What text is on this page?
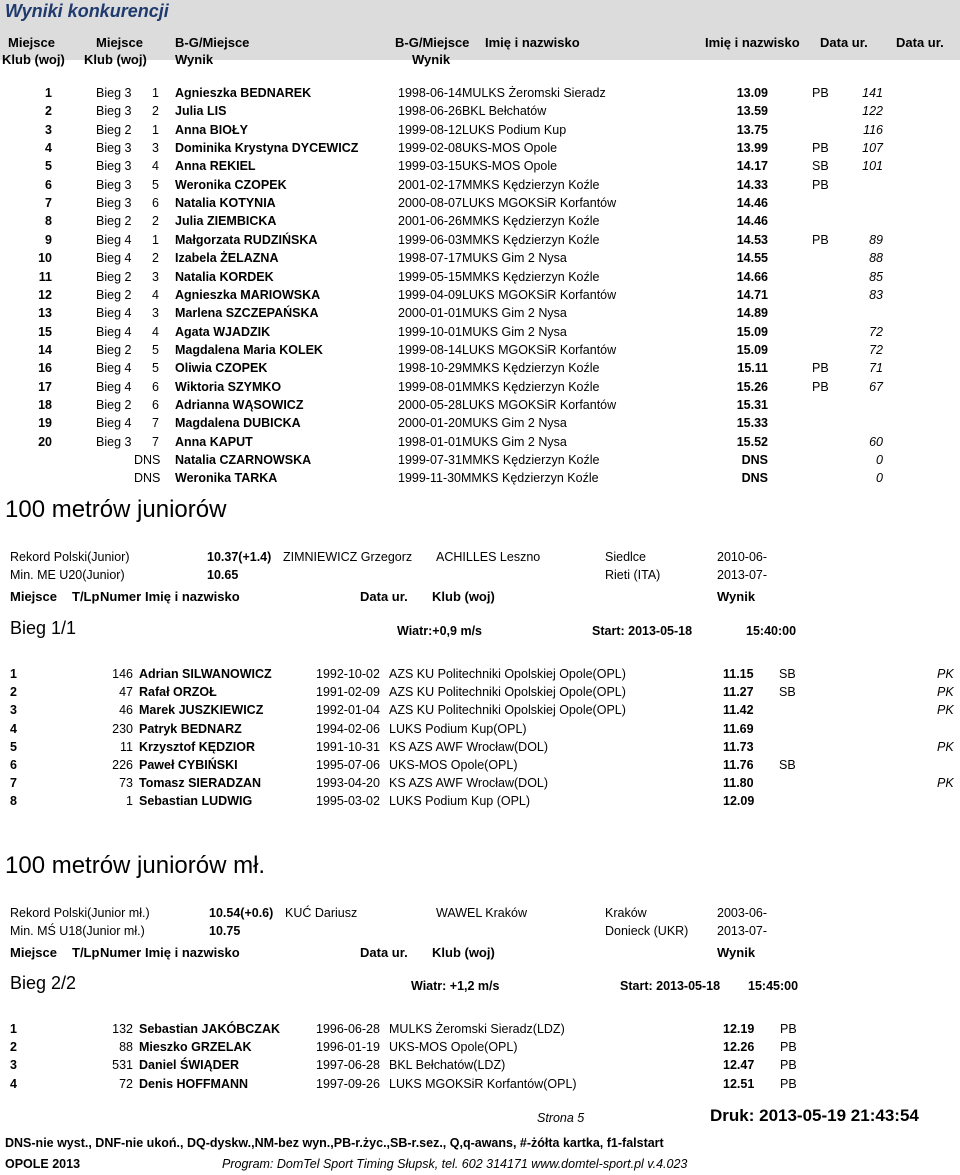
Wyniki konkurencji
Miejsce	Miejsce B-G/Miejsce	B-G/Miejsce Imię i nazwisko	Imię i nazwisko Data ur. Data ur.
Klub (woj) Klub (woj) Wynik	Wynik
1	Bieg 3	1 Agnieszka BEDNAREK	1998-06-14MULKS Żeromski Sieradz	13.09	PB	141
2	Bieg 3	2 Julia LIS	1998-06-26BKL Bełchatów	13.59	122
3	Bieg 2	1 Anna BIOŁY	1999-08-12LUKS Podium Kup	13.75	116
4	Bieg 3	3 Dominika Krystyna DYCEWICZ	1999-02-08UKS-MOS Opole	13.99	PB	107
5	Bieg 3	4 Anna REKIEL	1999-03-15UKS-MOS Opole	14.17	SB	101
6	Bieg 3	5 Weronika CZOPEK	2001-02-17MMKS Kędzierzyn Koźle	14.33	PB
7	Bieg 3	6 Natalia KOTYNIA	2000-08-07LUKS MGOKSiR Korfantów	14.46
8	Bieg 2	2 Julia ZIEMBICKA	2001-06-26MMKS Kędzierzyn Koźle	14.46
9	Bieg 4	1 Małgorzata RUDZIŃSKA	1999-06-03MMKS Kędzierzyn Koźle	14.53	PB	89
10	Bieg 4	2 Izabela ŻELAZNA	1998-07-17MUKS Gim 2 Nysa	14.55	88
11	Bieg 2	3 Natalia KORDEK	1999-05-15MMKS Kędzierzyn Koźle	14.66	85
12	Bieg 2	4 Agnieszka MARIOWSKA	1999-04-09LUKS MGOKSiR Korfantów	14.71	83
13	Bieg 4	3 Marlena SZCZEPAŃSKA	2000-01-01MUKS Gim 2 Nysa	14.89
15	Bieg 4	4 Agata WJADZIK	1999-10-01MUKS Gim 2 Nysa	15.09	72
14	Bieg 2	5 Magdalena Maria KOLEK	1999-08-14LUKS MGOKSiR Korfantów	15.09	72
16	Bieg 4	5 Oliwia CZOPEK	1998-10-29MMKS Kędzierzyn Koźle	15.11	PB	71
17	Bieg 4	6 Wiktoria SZYMKO	1999-08-01MMKS Kędzierzyn Koźle	15.26	PB	67
18	Bieg 2	6 Adrianna WĄSOWICZ	2000-05-28LUKS MGOKSiR Korfantów	15.31
19	Bieg 4	7 Magdalena DUBICKA	2000-01-20MUKS Gim 2 Nysa	15.33
20	Bieg 3	7 Anna KAPUT	1998-01-01MUKS Gim 2 Nysa	15.52	60
DNS Natalia CZARNOWSKA	1999-07-31MMKS Kędzierzyn Koźle	DNS	0
DNS Weronika TARKA	1999-11-30MMKS Kędzierzyn Koźle	DNS	0
100 metrów juniorów
Rekord Polski(Junior)	10.37(+1.4) ZIMNIEWICZ Grzegorz ACHILLES Leszno	Siedlce	2010-06-
Min. ME U20(Junior)	10.65	Rieti (ITA)	2013-07-
Miejsce T/Lp Numer Imię i nazwisko	Data ur. Klub (woj)	Wynik
Bieg 1/1	Wiatr:+0,9 m/s	Start: 2013-05-18	15:40:00
1	146 Adrian SILWANOWICZ	1992-10-02 AZS KU Politechniki Opolskiej Opole(OPL)	11.15 SB	PK
2	47 Rafał ORZOŁ	1991-02-09 AZS KU Politechniki Opolskiej Opole(OPL)	11.27 SB	PK
3	46 Marek JUSZKIEWICZ	1992-01-04 AZS KU Politechniki Opolskiej Opole(OPL)	11.42	PK
4	230 Patryk BEDNARZ	1994-02-06 LUKS Podium Kup(OPL)	11.69
5	11 Krzysztof KĘDZIOR	1991-10-31 KS AZS AWF Wrocław(DOL)	11.73	PK
6	226 Paweł CYBIŃSKI	1995-07-06 UKS-MOS Opole(OPL)	11.76 SB
7	73 Tomasz SIERADZAN	1993-04-20 KS AZS AWF Wrocław(DOL)	11.80	PK
8	1 Sebastian LUDWIG	1995-03-02 LUKS Podium Kup (OPL)	12.09
100 metrów juniorów mł.
Rekord Polski(Junior mł.)	10.54(+0.6) KUĆ Dariusz	WAWEL Kraków	Kraków	2003-06-
Min. MŚ U18(Junior mł.)	10.75	Donieck (UKR) 2013-07-
Miejsce T/Lp Numer Imię i nazwisko	Data ur. Klub (woj)	Wynik
Bieg 2/2	Wiatr: +1,2 m/s	Start: 2013-05-18 15:45:00
1	132 Sebastian JAKÓBCZAK	1996-06-28 MULKS Żeromski Sieradz(LDZ)	12.19 PB
2	88 Mieszko GRZELAK	1996-01-19 UKS-MOS Opole(OPL)	12.26 PB
3	531 Daniel ŚWIĄDER	1997-06-28 BKL Bełchatów(LDZ)	12.47 PB
4	72 Denis HOFFMANN	1997-09-26 LUKS MGOKSiR Korfantów(OPL)	12.51 PB
Strona 5	Druk: 2013-05-19 21:43:54
DNS-nie wyst., DNF-nie ukoń., DQ-dyskw.,NM-bez wyn.,PB-r.życ.,SB-r.sez., Q,q-awans, #-żółta kartka, f1-falstart
OPOLE 2013	Program: DomTel Sport Timing Słupsk, tel. 602 314171 www.domtel-sport.pl v.4.023
